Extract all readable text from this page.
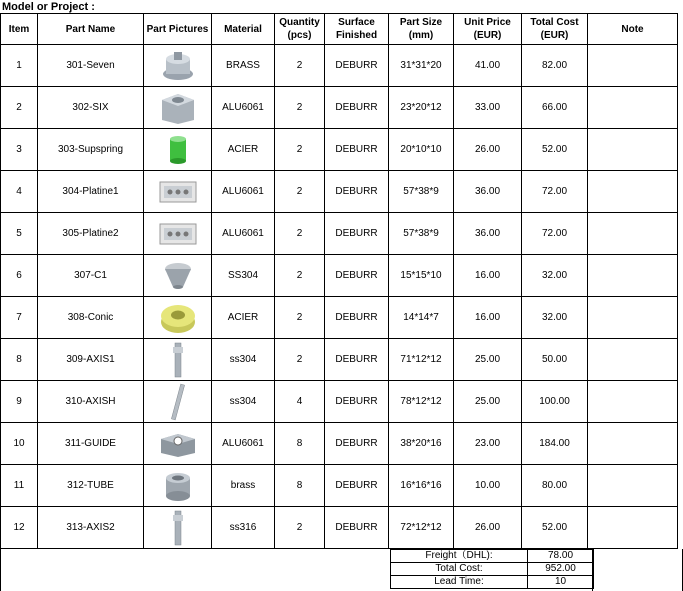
Model or Project :
Item	Part Name	Part Pictures	Material	Quantity (pcs)	Surface Finished	Part Size (mm)	Unit Price (EUR)	Total Cost (EUR)	Note
1	301-Seven		BRASS	2	DEBURR	31*31*20	41.00	82.00	
2	302-SIX		ALU6061	2	DEBURR	23*20*12	33.00	66.00	
3	303-Supspring		ACIER	2	DEBURR	20*10*10	26.00	52.00	
4	304-Platine1		ALU6061	2	DEBURR	57*38*9	36.00	72.00	
5	305-Platine2		ALU6061	2	DEBURR	57*38*9	36.00	72.00	
6	307-C1		SS304	2	DEBURR	15*15*10	16.00	32.00	
7	308-Conic		ACIER	2	DEBURR	14*14*7	16.00	32.00	
8	309-AXIS1		ss304	2	DEBURR	71*12*12	25.00	50.00	
9	310-AXISH		ss304	4	DEBURR	78*12*12	25.00	100.00	
10	311-GUIDE		ALU6061	8	DEBURR	38*20*16	23.00	184.00	
11	312-TUBE		brass	8	DEBURR	16*16*16	10.00	80.00	
12	313-AXIS2		ss316	2	DEBURR	72*12*12	26.00	52.00	
Freight（DHL):	78.00
Total Cost:	952.00
Lead Time:	10
